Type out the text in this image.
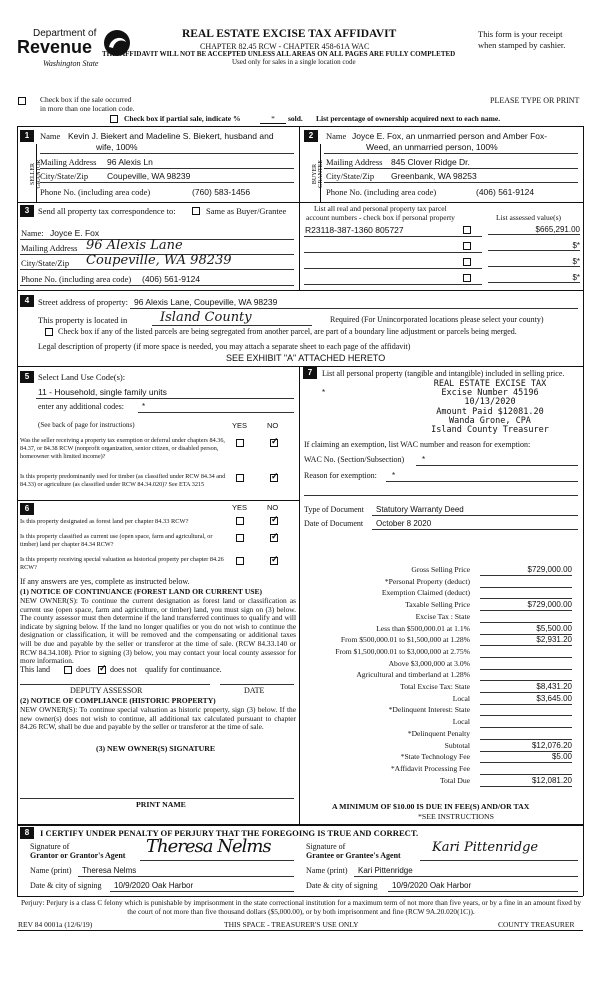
Department of
Revenue
Washington State
REAL ESTATE EXCISE TAX AFFIDAVIT
CHAPTER 82.45 RCW - CHAPTER 458-61A WAC
THIS AFFIDAVIT WILL NOT BE ACCEPTED UNLESS ALL AREAS ON ALL PAGES ARE FULLY COMPLETED
Used only for sales in a single location code
This form is your receipt
when stamped by cashier.
Check box if the sale occurred
in more than one location code.
PLEASE TYPE OR PRINT
Check box if partial sale, indicate %	*	sold. List percentage of ownership acquired next to each name.
1
SELLER GRANTOR
Name Kevin J. Biekert and Madeline S. Biekert, husband and
wife, 100%
Mailing Address 96 Alexis Ln
City/State/Zip Coupeville, WA 98239
Phone No. (including area code)	(760) 583-1456
2
BUYER GRANTEE
Name Joyce E. Fox, an unmarried person and Amber Fox-
Weed, an unmarried person, 100%
Mailing Address 845 Clover Ridge Dr.
City/State/Zip Greenbank, WA 98253
Phone No. (including area code)	(406) 561-9124
3	Send all property tax correspondence to:	Same as Buyer/Grantee
Name: Joyce E. Fox
Mailing Address 96 Alexis Lane
City/State/Zip Coupeville, WA 98239
Phone No. (including area code) (406) 561-9124
List all real and personal property tax parcel
account numbers - check box if personal property	List assessed value(s)
R23118-387-1360 805727	$665,291.00
$*
$*
$*
4	Street address of property: 96 Alexis Lane, Coupeville, WA 98239
This property is located in	Island County	Required (For Unincorporated locations please select your county)
Check box if any of the listed parcels are being segregated from another parcel, are part of a boundary line adjustment or parcels being merged.
Legal description of property (if more space is needed, you may attach a separate sheet to each page of the affidavit)
SEE EXHIBIT "A" ATTACHED HERETO
5	Select Land Use Code(s):
11 - Household, single family units
enter any additional codes: *
(See back of page for instructions)	YES	NO
Was the seller receiving a property tax exemption or deferral under chapters 84.36, 84.37, or 84.38 RCW (nonprofit organization, senior citizen, or disabled person, homeowner with limited income)?
✓
Is this property predominantly used for timber (as classified under RCW 84.34 and 84.33) or agriculture (as classified under RCW 84.34.020)? See ETA 3215
✓
6	YES	NO
Is this property designated as forest land per chapter 84.33 RCW?
✓
Is this property classified as current use (open space, farm and agricultural, or timber) land per chapter 84.34 RCW?
✓
Is this property receiving special valuation as historical property per chapter 84.26 RCW?
✓
If any answers are yes, complete as instructed below.
(1) NOTICE OF CONTINUANCE (FOREST LAND OR CURRENT USE)
NEW OWNER(S): To continue the current designation as forest land or classification as current use (open space, farm and agriculture, or timber) land, you must sign on (3) below. The county assessor must then determine if the land transferred continues to qualify and will indicate by signing below. If the land no longer qualifies or you do not wish to continue the designation or classification, it will be removed and the compensating or additional taxes will be due and payable by the seller or transferor at the time of sale. (RCW 84.33.140 or RCW 84.34.108). Prior to signing (3) below, you may contact your local county assessor for more information.
This land	does
✓ does not qualify for continuance.
DEPUTY ASSESSOR	DATE
(2) NOTICE OF COMPLIANCE (HISTORIC PROPERTY)
NEW OWNER(S): To continue special valuation as historic property, sign (3) below. If the new owner(s) does not wish to continue, all additional tax calculated pursuant to chapter 84.26 RCW, shall be due and payable by the seller or transferor at the time of sale.
(3) NEW OWNER(S) SIGNATURE
PRINT NAME
7	List all personal property (tangible and intangible) included in selling price.
*
REAL ESTATE EXCISE TAX
Excise Number 45196
10/13/2020
Amount Paid $12081.20
Wanda Grone, CPA
Island County Treasurer
If claiming an exemption, list WAC number and reason for exemption:
WAC No. (Section/Subsection) *
Reason for exemption: *
Type of Document Statutory Warranty Deed
Date of Document October 8 2020
Gross Selling Price	$729,000.00
*Personal Property (deduct)
Exemption Claimed (deduct)
Taxable Selling Price	$729,000.00
Excise Tax : State
Less than $500,000.01 at 1.1%	$5,500.00
From $500,000.01 to $1,500,000 at 1.28%	$2,931.20
From $1,500,000.01 to $3,000,000 at 2.75%
Above $3,000,000 at 3.0%
Agricultural and timberland at 1.28%
Total Excise Tax: State	$8,431.20
Local	$3,645.00
*Delinquent Interest: State
Local
*Delinquent Penalty
Subtotal	$12,076.20
*State Technology Fee	$5.00
*Affidavit Processing Fee
Total Due	$12,081.20
A MINIMUM OF $10.00 IS DUE IN FEE(S) AND/OR TAX
*SEE INSTRUCTIONS
8	I CERTIFY UNDER PENALTY OF PERJURY THAT THE FOREGOING IS TRUE AND CORRECT.
Signature of
Grantor or Grantor's Agent Theresa Nelms
Name (print) Theresa Nelms
Date & city of signing 10/9/2020 Oak Harbor
Signature of
Grantee or Grantee's Agent
Kari Pittenridge
Name (print) Kari Pittenridge
Date & city of signing 10/9/2020 Oak Harbor
Perjury: Perjury is a class C felony which is punishable by imprisonment in the state correctional institution for a maximum term of not more than five years, or by a fine in an amount fixed by the court of not more than five thousand dollars ($5,000.00), or by both imprisonment and fine (RCW 9A.20.020(1C)).
REV 84 0001a (12/6/19)	THIS SPACE - TREASURER'S USE ONLY	COUNTY TREASURER
